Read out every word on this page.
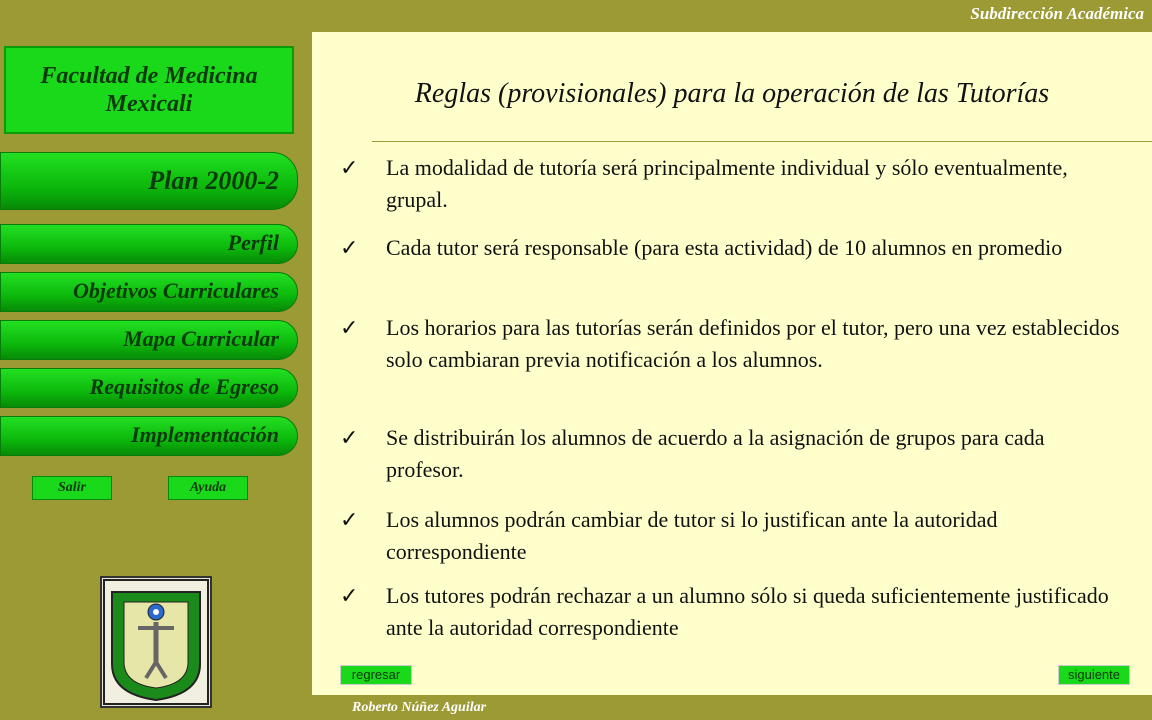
Subdirección Académica
Facultad de Medicina Mexicali
Plan 2000-2
Perfil
Objetivos Curriculares
Mapa Curricular
Requisitos de Egreso
Implementación
Salir	Ayuda
Reglas (provisionales) para la operación de las Tutorías
✓ La modalidad de tutoría será principalmente individual y sólo eventualmente, grupal.
✓ Cada tutor será responsable (para esta actividad) de 10 alumnos en promedio
✓ Los horarios para las tutorías serán definidos por el tutor, pero una vez establecidos solo cambiaran previa notificación a los alumnos.
✓ Se distribuirán los alumnos de acuerdo a la asignación de grupos para cada profesor.
✓ Los alumnos podrán cambiar de tutor si lo justifican ante la autoridad correspondiente
✓ Los tutores podrán rechazar a un alumno sólo si queda suficientemente justificado ante la autoridad correspondiente
regresar	siguiente
Roberto Núñez Aguilar
